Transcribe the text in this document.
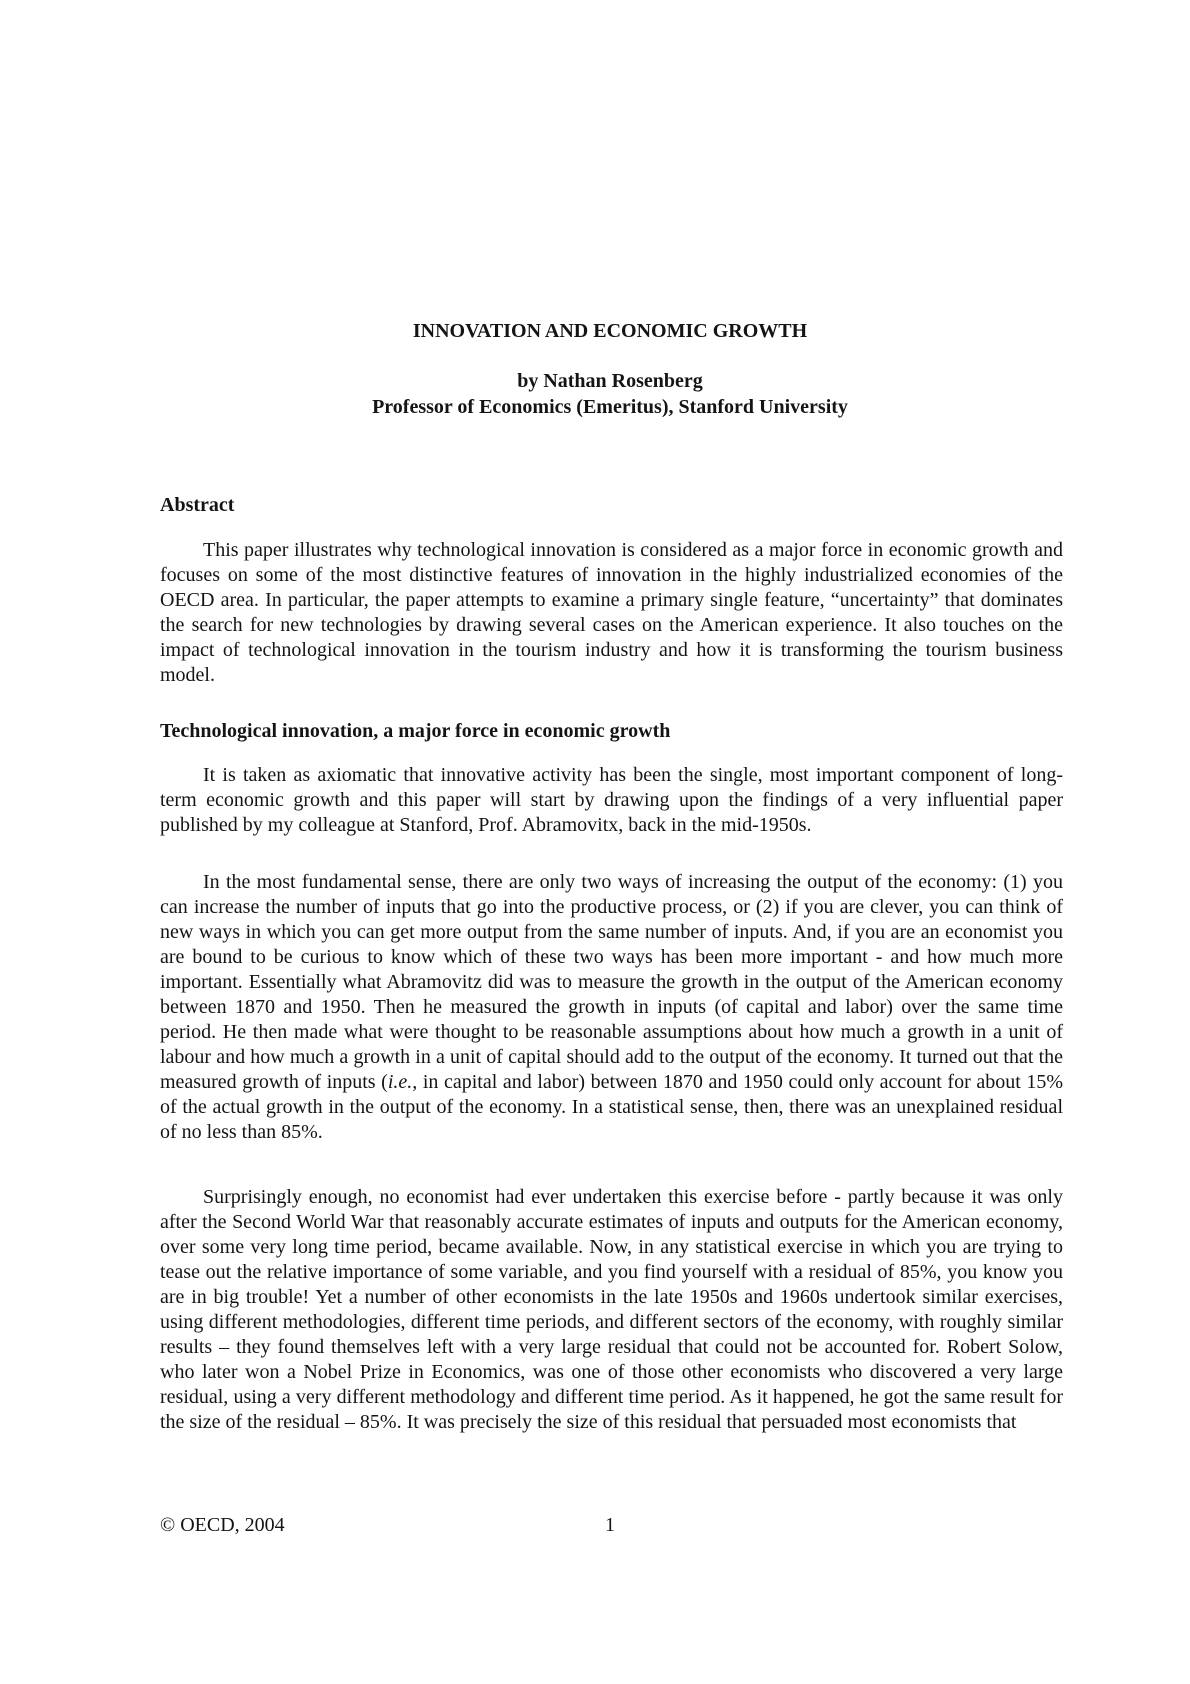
INNOVATION AND ECONOMIC GROWTH
by Nathan Rosenberg
Professor of Economics (Emeritus), Stanford University

Abstract

This paper illustrates why technological innovation is considered as a major force in economic growth and focuses on some of the most distinctive features of innovation in the highly industrialized economies of the OECD area. In particular, the paper attempts to examine a primary single feature, “uncertainty” that dominates the search for new technologies by drawing several cases on the American experience. It also touches on the impact of technological innovation in the tourism industry and how it is transforming the tourism business model.

Technological innovation, a major force in economic growth

It is taken as axiomatic that innovative activity has been the single, most important component of long-term economic growth and this paper will start by drawing upon the findings of a very influential paper published by my colleague at Stanford, Prof. Abramovitx, back in the mid-1950s.

In the most fundamental sense, there are only two ways of increasing the output of the economy: (1) you can increase the number of inputs that go into the productive process, or (2) if you are clever, you can think of new ways in which you can get more output from the same number of inputs. And, if you are an economist you are bound to be curious to know which of these two ways has been more important - and how much more important. Essentially what Abramovitz did was to measure the growth in the output of the American economy between 1870 and 1950. Then he measured the growth in inputs (of capital and labor) over the same time period. He then made what were thought to be reasonable assumptions about how much a growth in a unit of labour and how much a growth in a unit of capital should add to the output of the economy. It turned out that the measured growth of inputs (i.e., in capital and labor) between 1870 and 1950 could only account for about 15% of the actual growth in the output of the economy. In a statistical sense, then, there was an unexplained residual of no less than 85%.

Surprisingly enough, no economist had ever undertaken this exercise before - partly because it was only after the Second World War that reasonably accurate estimates of inputs and outputs for the American economy, over some very long time period, became available. Now, in any statistical exercise in which you are trying to tease out the relative importance of some variable, and you find yourself with a residual of 85%, you know you are in big trouble! Yet a number of other economists in the late 1950s and 1960s undertook similar exercises, using different methodologies, different time periods, and different sectors of the economy, with roughly similar results – they found themselves left with a very large residual that could not be accounted for. Robert Solow, who later won a Nobel Prize in Economics, was one of those other economists who discovered a very large residual, using a very different methodology and different time period. As it happened, he got the same result for the size of the residual – 85%. It was precisely the size of this residual that persuaded most economists that

© OECD, 2004	1
